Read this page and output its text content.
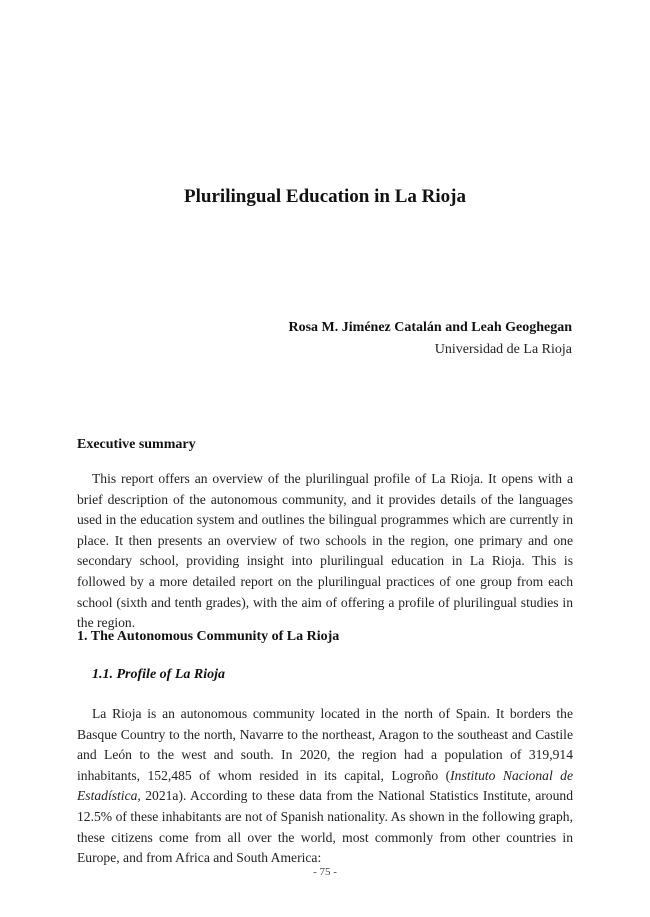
Plurilingual Education in La Rioja
Rosa M. Jiménez Catalán and Leah Geoghegan
Universidad de La Rioja
Executive summary

This report offers an overview of the plurilingual profile of La Rioja. It opens with a brief description of the autonomous community, and it provides details of the languages used in the education system and outlines the bilingual programmes which are currently in place. It then presents an overview of two schools in the region, one primary and one secondary school, providing insight into plurilingual education in La Rioja. This is followed by a more detailed report on the plurilingual practices of one group from each school (sixth and tenth grades), with the aim of offering a profile of plurilingual studies in the region.

1. The Autonomous Community of La Rioja
1.1. Profile of La Rioja

La Rioja is an autonomous community located in the north of Spain. It borders the Basque Country to the north, Navarre to the northeast, Aragon to the southeast and Castile and León to the west and south. In 2020, the region had a population of 319,914 inhabitants, 152,485 of whom resided in its capital, Logroño (Instituto Nacional de Estadística, 2021a). According to these data from the National Statistics Institute, around 12.5% of these inhabitants are not of Spanish nationality. As shown in the following graph, these citizens come from all over the world, most commonly from other countries in Europe, and from Africa and South America:

- 75 -
